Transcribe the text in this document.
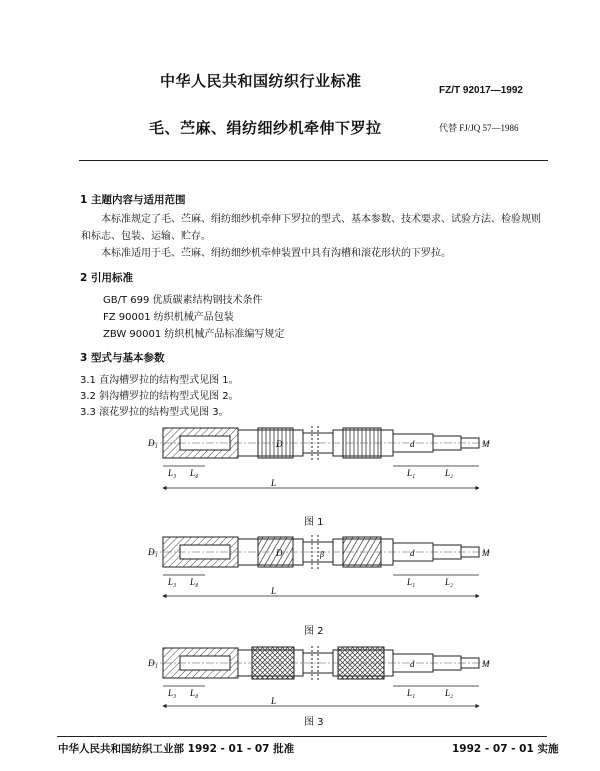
中华人民共和国纺织行业标准
FZ/T 92017—1992
毛、苎麻、绢纺细纱机牵伸下罗拉	代替 FJ/JQ 57—1986
1 主题内容与适用范围
本标准规定了毛、苎麻、绢纺细纱机牵伸下罗拉的型式、基本参数、技术要求、试验方法、检验规则和标志、包装、运输、贮存。
本标准适用于毛、苎麻、绢纺细纱机牵伸装置中具有沟槽和滚花形状的下罗拉。
2 引用标准
GB/T 699 优质碳素结构钢技术条件
FZ 90001 纺织机械产品包装
ZBW 90001 纺织机械产品标准编写规定
3 型式与基本参数
3.1 直沟槽罗拉的结构型式见图 1。
3.2 斜沟槽罗拉的结构型式见图 2。
3.3 滚花罗拉的结构型式见图 3。
D₁	D	d	M
L₃ L₄	L₁	L₂
L
D₁	D	β	d	M
L₃ L₄	L₁	L₂
L
D₁	d	M
L₃ L₄	L₁	L₂
L
图 1
图 2
图 3
中华人民共和国纺织工业部 1992 - 01 - 07 批准	1992 - 07 - 01 实施
